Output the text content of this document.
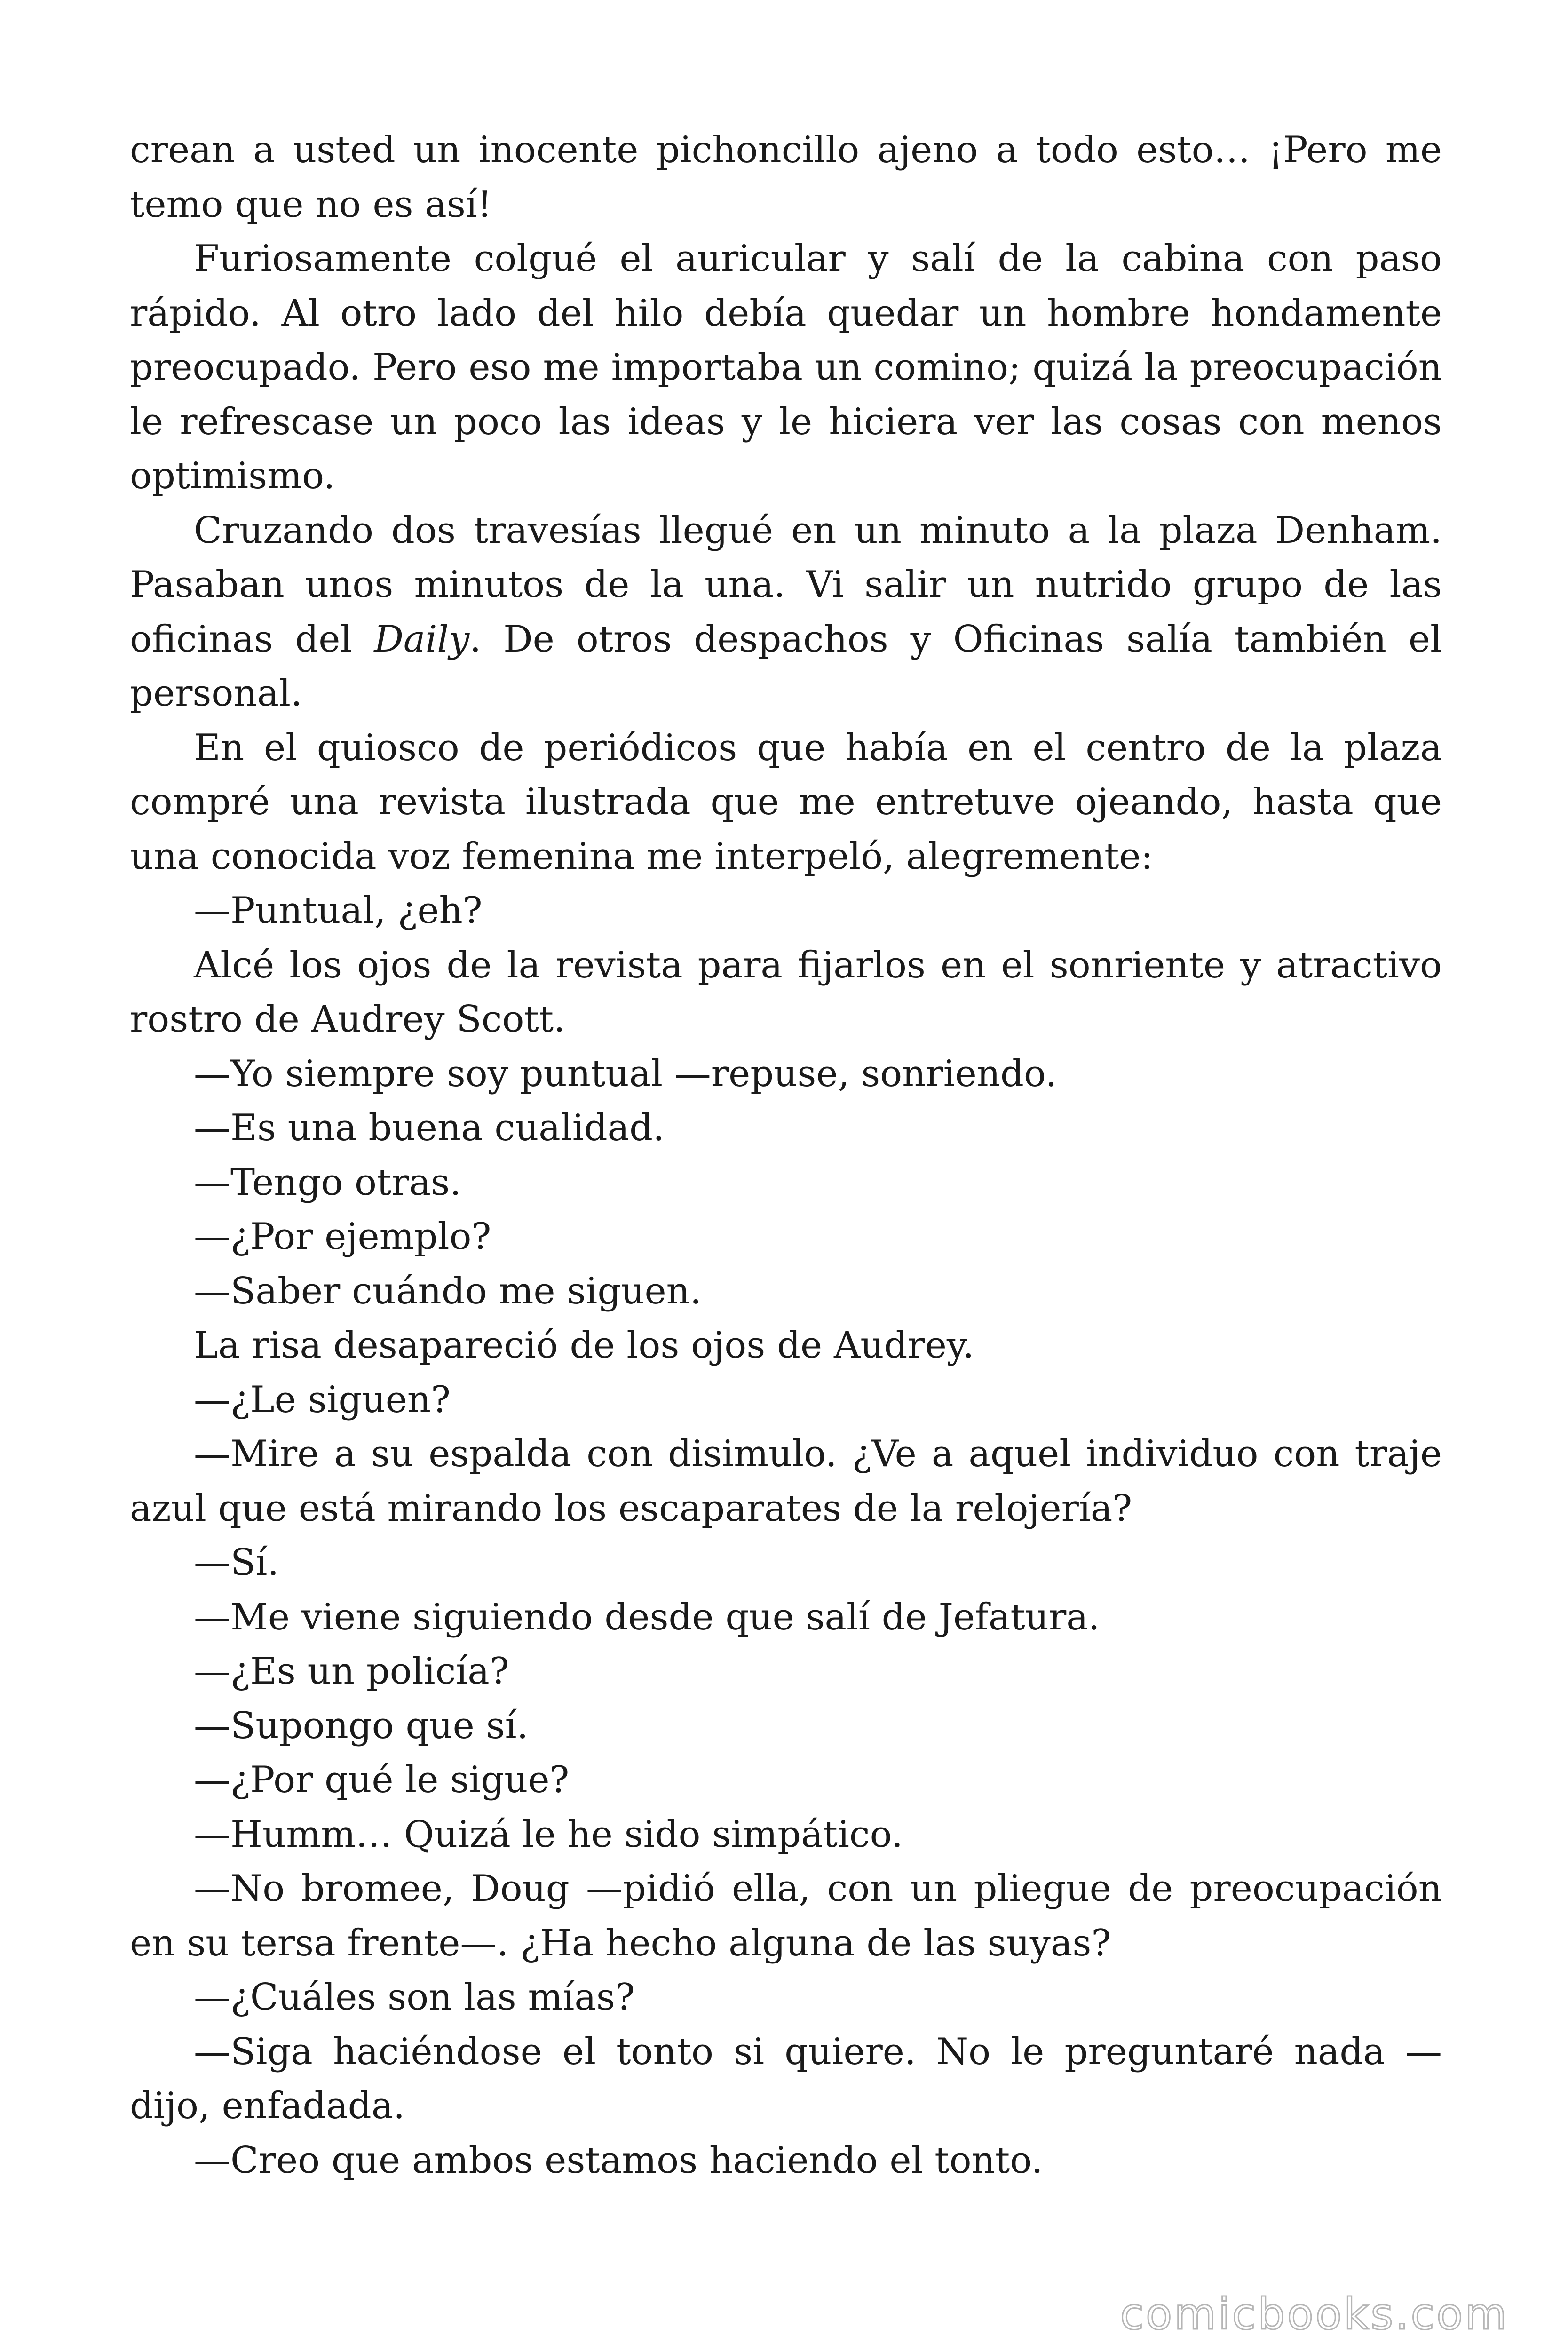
crean a usted un inocente pichoncillo ajeno a todo esto… ¡Pero me temo que no es así!

Furiosamente colgué el auricular y salí de la cabina con paso rápido. Al otro lado del hilo debía quedar un hombre hondamente preocupado. Pero eso me importaba un comino; quizá la preocupación le refrescase un poco las ideas y le hiciera ver las cosas con menos optimismo.

Cruzando dos travesías llegué en un minuto a la plaza Denham. Pasaban unos minutos de la una. Vi salir un nutrido grupo de las oficinas del Daily. De otros despachos y Oficinas salía también el personal.

En el quiosco de periódicos que había en el centro de la plaza compré una revista ilustrada que me entretuve ojeando, hasta que una conocida voz femenina me interpeló, alegremente:

—Puntual, ¿eh?

Alcé los ojos de la revista para fijarlos en el sonriente y atractivo rostro de Audrey Scott.

—Yo siempre soy puntual —repuse, sonriendo.

—Es una buena cualidad.

—Tengo otras.

—¿Por ejemplo?

—Saber cuándo me siguen.

La risa desapareció de los ojos de Audrey.

—¿Le siguen?

—Mire a su espalda con disimulo. ¿Ve a aquel individuo con traje azul que está mirando los escaparates de la relojería?

—Sí.

—Me viene siguiendo desde que salí de Jefatura.

—¿Es un policía?

—Supongo que sí.

—¿Por qué le sigue?

—Humm… Quizá le he sido simpático.

—No bromee, Doug —pidió ella, con un pliegue de preocupación en su tersa frente—. ¿Ha hecho alguna de las suyas?

—¿Cuáles son las mías?

—Siga haciéndose el tonto si quiere. No le preguntaré nada — dijo, enfadada.

—Creo que ambos estamos haciendo el tonto.

comicbooks.com
